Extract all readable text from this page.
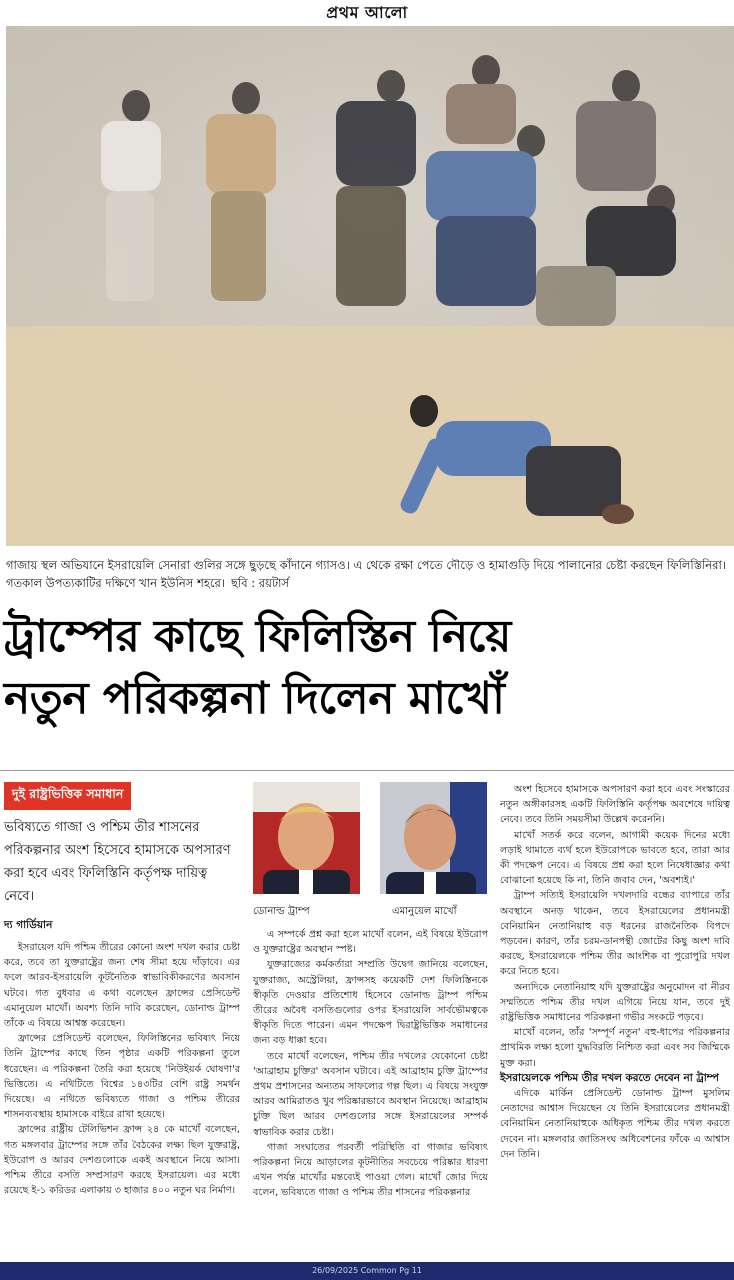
প্রথম আলো
গাজায় স্থল অভিযানে ইসরায়েলি সেনারা গুলির সঙ্গে ছুড়ছে কাঁদানে গ্যাসও। এ থেকে রক্ষা পেতে দৌড়ে ও হামাগুড়ি দিয়ে পালানোর চেষ্টা করছেন ফিলিস্তিনিরা। গতকাল উপত্যকাটির দক্ষিণে খান ইউনিস শহরে। ছবি : রয়টার্স
ট্রাম্পের কাছে ফিলিস্তিন নিয়ে
নতুন পরিকল্পনা দিলেন মাখোঁ
দুই রাষ্ট্রভিত্তিক সমাধান
ভবিষ্যতে গাজা ও পশ্চিম তীর শাসনের পরিকল্পনার অংশ হিসেবে হামাসকে অপসারণ করা হবে এবং ফিলিস্তিনি কর্তৃপক্ষ দায়িত্ব নেবে।
দ্য গার্ডিয়ান
ডোনাল্ড ট্রাম্প	এমানুয়েল মাখোঁ

ইসরায়েল যদি পশ্চিম তীরের কোনো অংশ দখল করার চেষ্টা করে, তবে তা যুক্তরাষ্ট্রের জন্য শেষ সীমা হয়ে দাঁড়াবে। এর ফলে আরব-ইসরায়েলি কূটনৈতিক স্বাভাবিকীকরণের অবসান ঘটবে। গত বুধবার এ কথা বলেছেন ফ্রান্সের প্রেসিডেন্ট এমানুয়েল মাখোঁ। অবশ্য তিনি দাবি করেছেন, ডোনাল্ড ট্রাম্প তাঁকে এ বিষয়ে আশ্বস্ত করেছেন।

ফ্রান্সের প্রেসিডেন্ট বলেছেন, ফিলিস্তিনের ভবিষ্যৎ নিয়ে তিনি ট্রাম্পের কাছে তিন পৃষ্ঠার একটি পরিকল্পনা তুলে ধরেছেন। এ পরিকল্পনা তৈরি করা হয়েছে 'নিউইয়র্ক ঘোষণা'র ভিত্তিতে। এ নথিটিতে বিশ্বের ১৪৩টির বেশি রাষ্ট্র সমর্থন দিয়েছে। এ নথিতে ভবিষ্যতে গাজা ও পশ্চিম তীরের শাসনব্যবস্থায় হামাসকে বাইরে রাখা হয়েছে।

ফ্রান্সের রাষ্ট্রীয় টেলিভিশন ফ্রান্স ২৪ কে মাখোঁ বলেছেন, গত মঙ্গলবার ট্রাম্পের সঙ্গে তাঁর বৈঠকের লক্ষ্য ছিল যুক্তরাষ্ট্র, ইউরোপ ও আরব দেশগুলোকে একই অবস্থানে নিয়ে আসা। পশ্চিম তীরে বসতি সম্প্রসারণ করছে ইসরায়েল। এর মধ্যে রয়েছে ই-১ করিডর এলাকায় ৩ হাজার ৪০০ নতুন ঘর নির্মাণ।

এ সম্পর্কে প্রশ্ন করা হলে মাখোঁ বলেন, এই বিষয়ে ইউরোপ ও যুক্তরাষ্ট্রের অবস্থান স্পষ্ট।

যুক্তরাজ্যের কর্মকর্তারা সম্প্রতি উদ্বেগ জানিয়ে বলেছেন, যুক্তরাজ্য, অস্ট্রেলিয়া, ফ্রান্সসহ কয়েকটি দেশ ফিলিস্তিনকে স্বীকৃতি দেওয়ার প্রতিশোধ হিসেবে ডোনাল্ড ট্রাম্প পশ্চিম তীরের অবৈধ বসতিগুলোর ওপর ইসরায়েলি সার্বভৌমত্বকে স্বীকৃতি দিতে পারেন। এমন পদক্ষেপ দ্বিরাষ্ট্রভিত্তিক সমাধানের জন্য বড় ধাক্কা হবে।

তবে মাখোঁ বলেছেন, পশ্চিম তীর দখলের যেকোনো চেষ্টা 'আব্রাহাম চুক্তির' অবসান ঘটাবে। এই আব্রাহাম চুক্তি ট্রাম্পের প্রথম প্রশাসনের অন্যতম সাফল্যের গল্প ছিল। এ বিষয়ে সংযুক্ত আরব আমিরাতও খুব পরিষ্কারভাবে অবস্থান নিয়েছে। আব্রাহাম চুক্তি ছিল আরব দেশগুলোর সঙ্গে ইসরায়েলের সম্পর্ক স্বাভাবিক করার চেষ্টা।

গাজা সংঘাতের পরবর্তী পরিস্থিতি বা গাজার ভবিষ্যৎ পরিকল্পনা নিয়ে আড়ালের কূটনীতির সবচেয়ে পরিষ্কার ধারণা এখন পর্যন্ত মাখোঁর মন্তব্যেই পাওয়া গেল। মাখোঁ জোর দিয়ে বলেন, ভবিষ্যতে গাজা ও পশ্চিম তীর শাসনের পরিকল্পনার

অংশ হিসেবে হামাসকে অপসারণ করা হবে এবং সংস্কারের নতুন অঙ্গীকারসহ একটি ফিলিস্তিনি কর্তৃপক্ষ অবশেষে দায়িত্ব নেবে। তবে তিনি সময়সীমা উল্লেখ করেননি।

মাখোঁ সতর্ক করে বলেন, আগামী কয়েক দিনের মধ্যে লড়াই থামাতে ব্যর্থ হলে ইউরোপকে ভাবতে হবে, তারা আর কী পদক্ষেপ নেবে। এ বিষয়ে প্রশ্ন করা হলে নিষেধাজ্ঞার কথা বোঝানো হয়েছে কি না, তিনি জবাব দেন, 'অবশ্যই।'

ট্রাম্প সত্যিই ইসরায়েলি দখলদারি বন্ধের ব্যাপারে তাঁর অবস্থানে অনড় থাকেন, তবে ইসরায়েলের প্রধানমন্ত্রী বেনিয়ামিন নেতানিয়াহু বড় ধরনের রাজনৈতিক বিপদে পড়বেন। কারণ, তাঁর চরম-ডানপন্থী জোটের কিছু অংশ দাবি করছে, ইসরায়েলকে পশ্চিম তীর আংশিক বা পুরোপুরি দখল করে নিতে হবে।

অন্যদিকে নেতানিয়াহু যদি যুক্তরাষ্ট্রের অনুমোদন বা নীরব সম্মতিতে পশ্চিম তীর দখল এগিয়ে নিয়ে যান, তবে দুই রাষ্ট্রভিত্তিক সমাধানের পরিকল্পনা গভীর সংকটে পড়বে।

মাখোঁ বলেন, তাঁর 'সম্পূর্ণ নতুন' বহু-ধাপের পরিকল্পনার প্রাথমিক লক্ষ্য হলো যুদ্ধবিরতি নিশ্চিত করা এবং সব জিম্মিকে মুক্ত করা।

ইসরায়েলকে পশ্চিম তীর দখল করতে দেবেন না ট্রাম্প

এদিকে মার্কিন প্রেসিডেন্ট ডোনাল্ড ট্রাম্প মুসলিম নেতাদের আশ্বাস দিয়েছেন যে তিনি ইসরায়েলের প্রধানমন্ত্রী বেনিয়ামিন নেতানিয়াহুকে অধিকৃত পশ্চিম তীর দখল করতে দেবেন না। মঙ্গলবার জাতিসংঘ অধিবেশনের ফাঁকে এ আশ্বাস দেন তিনি।

26/09/2025 Common Pg 11
